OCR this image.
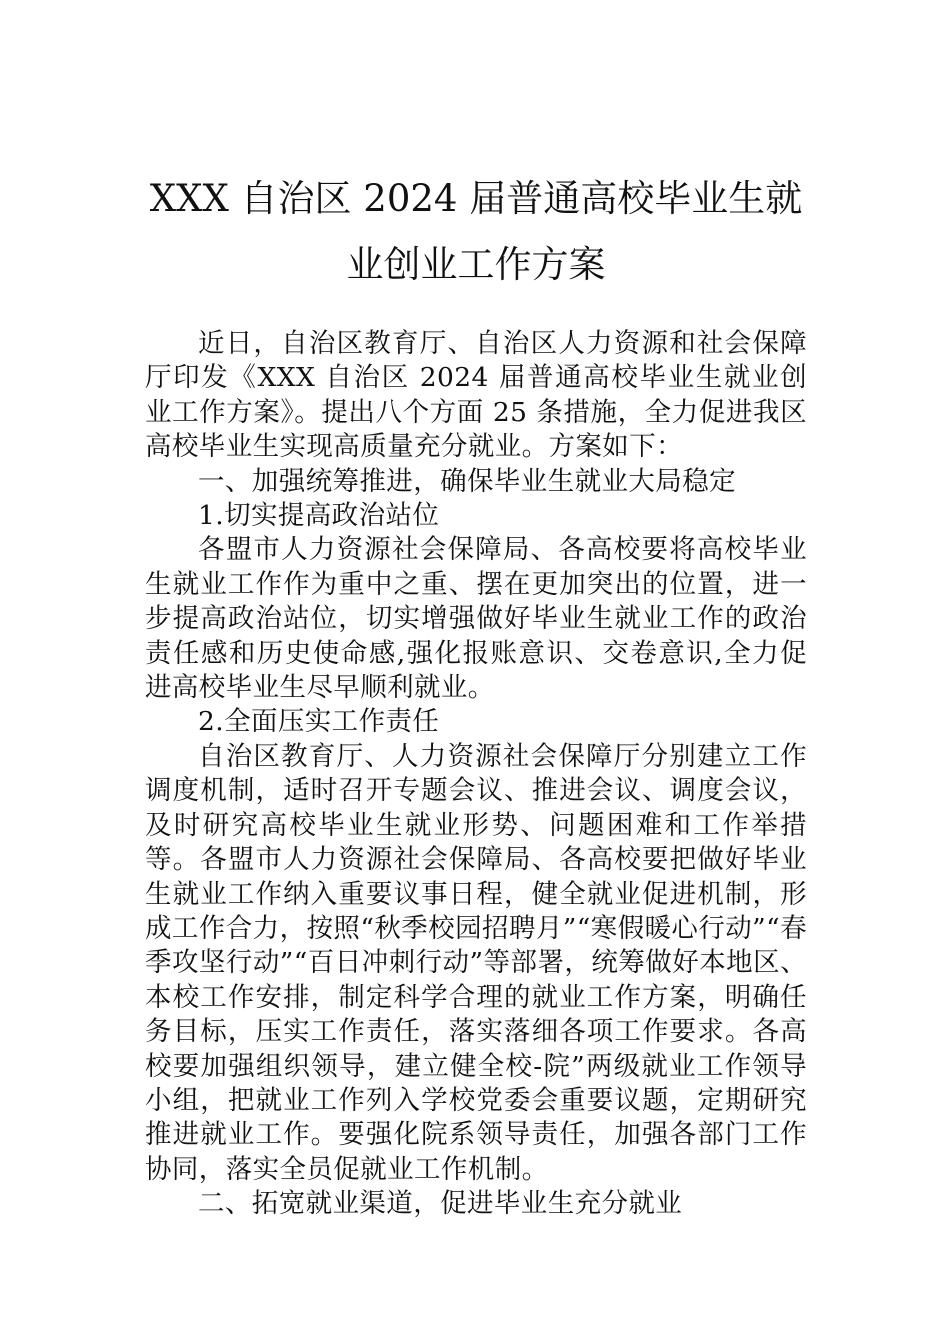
XXX 自治区 2024 届普通高校毕业生就业创业工作方案

近日，自治区教育厅、自治区人力资源和社会保障厅印发《XXX 自治区 2024 届普通高校毕业生就业创业工作方案》。提出八个方面 25 条措施，全力促进我区高校毕业生实现高质量充分就业。方案如下：

一、加强统筹推进，确保毕业生就业大局稳定

1.切实提高政治站位

各盟市人力资源社会保障局、各高校要将高校毕业生就业工作作为重中之重、摆在更加突出的位置，进一步提高政治站位，切实增强做好毕业生就业工作的政治责任感和历史使命感,强化报账意识、交卷意识,全力促进高校毕业生尽早顺利就业。

2.全面压实工作责任

自治区教育厅、人力资源社会保障厅分别建立工作调度机制，适时召开专题会议、推进会议、调度会议，及时研究高校毕业生就业形势、问题困难和工作举措等。各盟市人力资源社会保障局、各高校要把做好毕业生就业工作纳入重要议事日程，健全就业促进机制，形成工作合力，按照“秋季校园招聘月”“寒假暖心行动”“春季攻坚行动”“百日冲刺行动”等部署，统筹做好本地区、本校工作安排，制定科学合理的就业工作方案，明确任务目标，压实工作责任，落实落细各项工作要求。各高校要加强组织领导，建立健全校-院”两级就业工作领导小组，把就业工作列入学校党委会重要议题，定期研究推进就业工作。要强化院系领导责任，加强各部门工作协同，落实全员促就业工作机制。

二、拓宽就业渠道，促进毕业生充分就业
